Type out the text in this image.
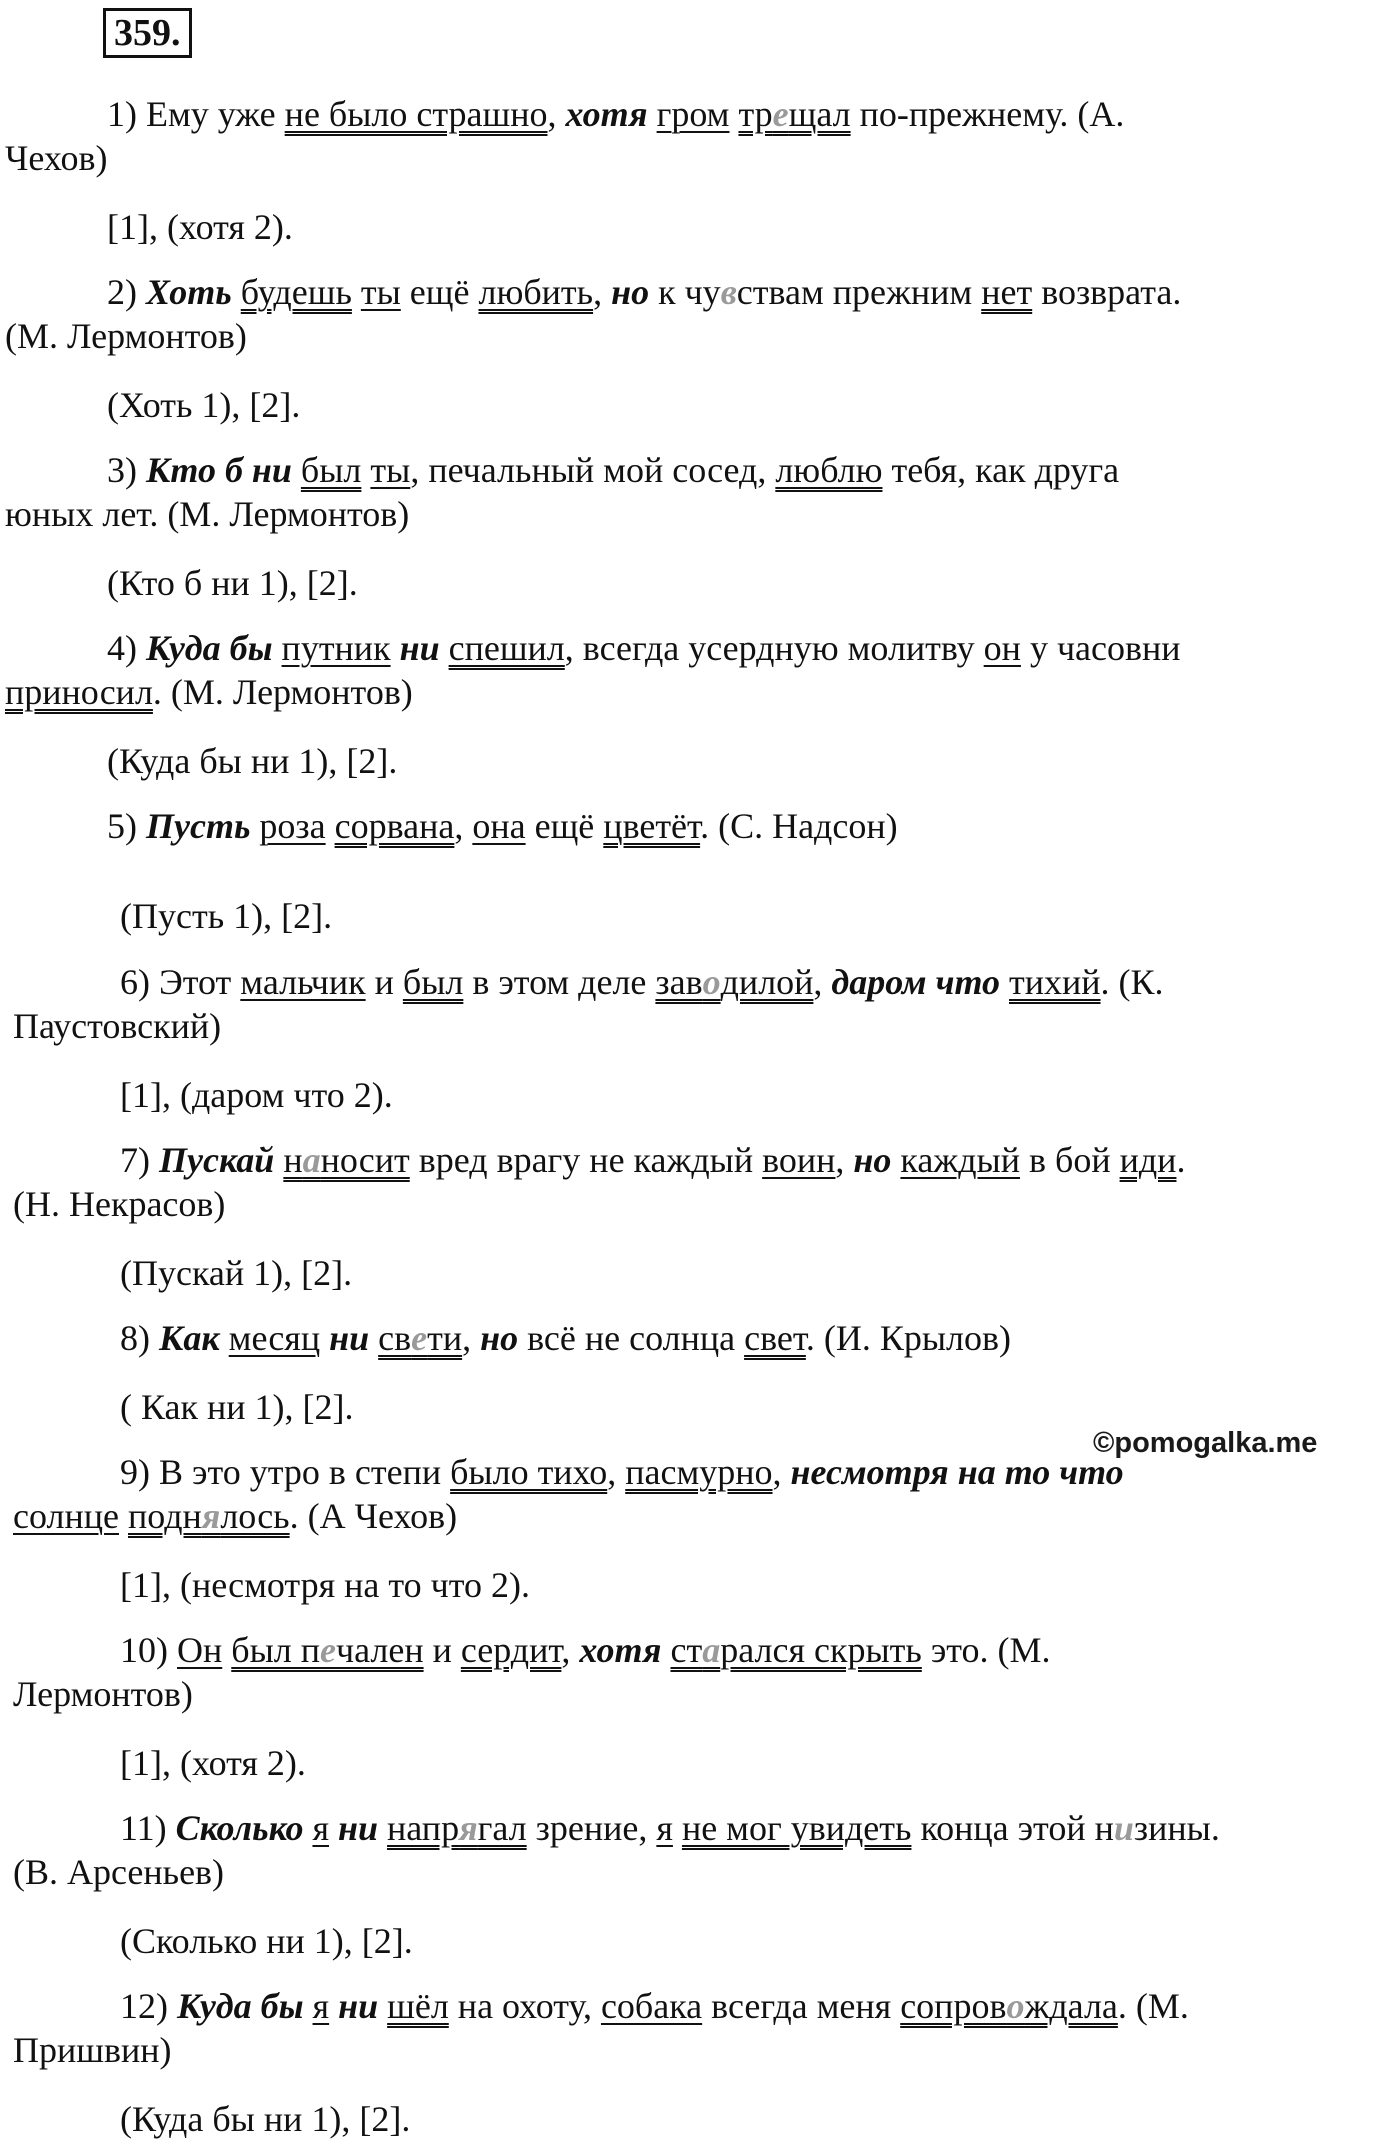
359.
1) Ему уже не было страшно, хотя гром трещал по-прежнему. (А.
Чехов)
[1], (хотя 2).
2) Хоть будешь ты ещё любить, но к чувствам прежним нет возврата.
(М. Лермонтов)
(Хоть 1), [2].
3) Кто б ни был ты, печальный мой сосед, люблю тебя, как друга
юных лет. (М. Лермонтов)
(Кто б ни 1), [2].
4) Куда бы путник ни спешил, всегда усердную молитву он у часовни
приносил. (М. Лермонтов)
(Куда бы ни 1), [2].
5) Пусть роза сорвана, она ещё цветёт. (С. Надсон)
(Пусть 1), [2].
6) Этот мальчик и был в этом деле заводилой, даром что тихий. (К.
Паустовский)
[1], (даром что 2).
7) Пускай наносит вред врагу не каждый воин, но каждый в бой иди.
(Н. Некрасов)
(Пускай 1), [2].
8) Как месяц ни свети, но всё не солнца свет. (И. Крылов)
( Как ни 1), [2].
9) В это утро в степи было тихо, пасмурно, несмотря на то что
солнце поднялось. (А Чехов)
[1], (несмотря на то что 2).
10) Он был печален и сердит, хотя старался скрыть это. (М.
Лермонтов)
[1], (хотя 2).
11) Сколько я ни напрягал зрение, я не мог увидеть конца этой низины.
(В. Арсеньев)
(Сколько ни 1), [2].
12) Куда бы я ни шёл на охоту, собака всегда меня сопровождала. (М.
Пришвин)
(Куда бы ни 1), [2].
©pomogalka.me
